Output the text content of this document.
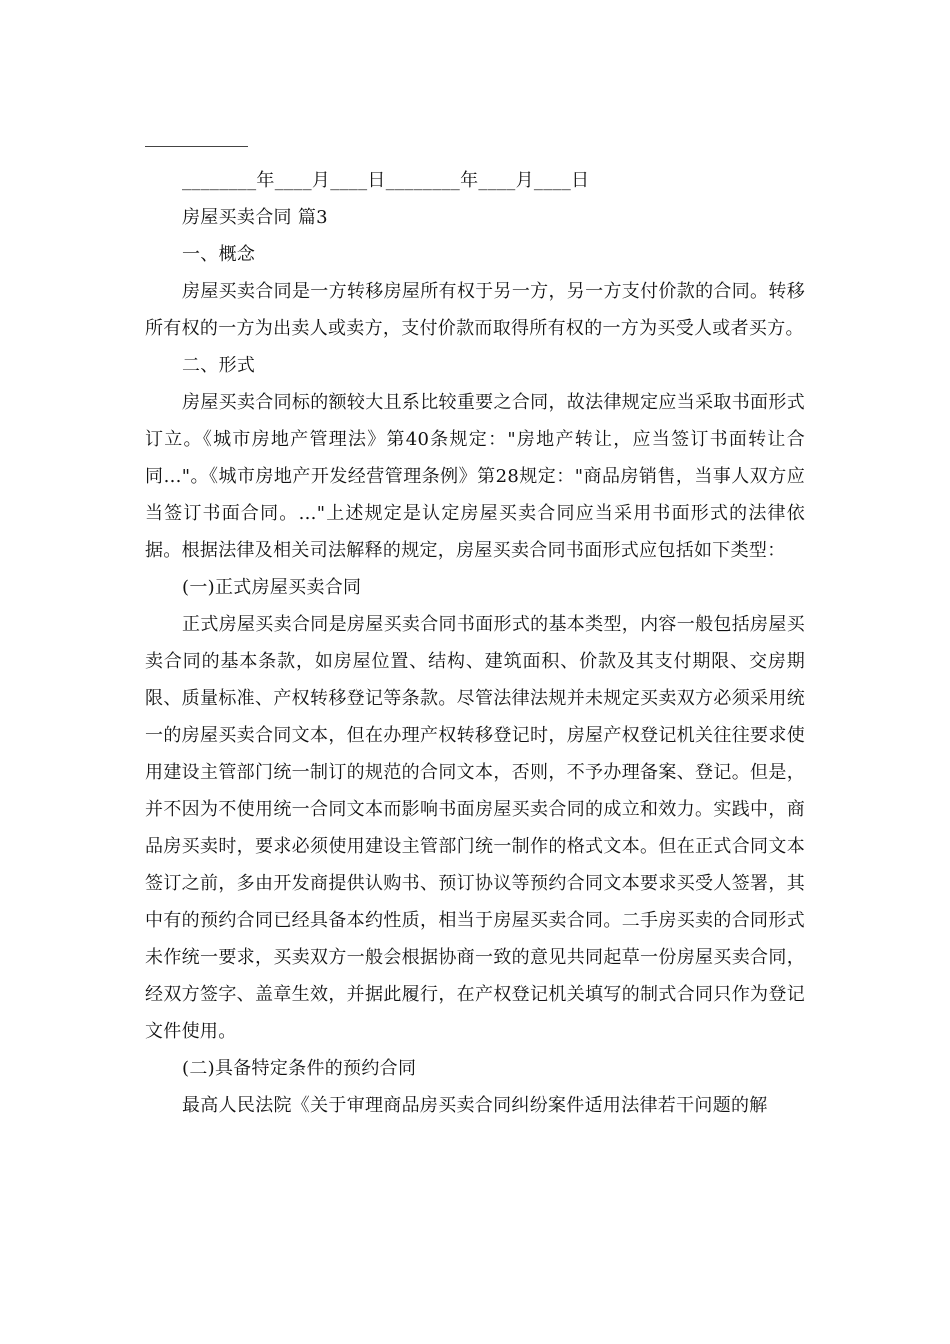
________年____月____日________年____月____日

房屋买卖合同 篇3

一、概念

房屋买卖合同是一方转移房屋所有权于另一方，另一方支付价款的合同。转移所有权的一方为出卖人或卖方，支付价款而取得所有权的一方为买受人或者买方。

二、形式

房屋买卖合同标的额较大且系比较重要之合同，故法律规定应当采取书面形式订立。《城市房地产管理法》第40条规定："房地产转让，应当签订书面转让合同…"。《城市房地产开发经营管理条例》第28规定："商品房销售，当事人双方应当签订书面合同。…"上述规定是认定房屋买卖合同应当采用书面形式的法律依据。根据法律及相关司法解释的规定，房屋买卖合同书面形式应包括如下类型：

(一)正式房屋买卖合同

正式房屋买卖合同是房屋买卖合同书面形式的基本类型，内容一般包括房屋买卖合同的基本条款，如房屋位置、结构、建筑面积、价款及其支付期限、交房期限、质量标准、产权转移登记等条款。尽管法律法规并未规定买卖双方必须采用统一的房屋买卖合同文本，但在办理产权转移登记时，房屋产权登记机关往往要求使用建设主管部门统一制订的规范的合同文本，否则，不予办理备案、登记。但是，并不因为不使用统一合同文本而影响书面房屋买卖合同的成立和效力。实践中，商品房买卖时，要求必须使用建设主管部门统一制作的格式文本。但在正式合同文本签订之前，多由开发商提供认购书、预订协议等预约合同文本要求买受人签署，其中有的预约合同已经具备本约性质，相当于房屋买卖合同。二手房买卖的合同形式未作统一要求，买卖双方一般会根据协商一致的意见共同起草一份房屋买卖合同，经双方签字、盖章生效，并据此履行，在产权登记机关填写的制式合同只作为登记文件使用。

(二)具备特定条件的预约合同

最高人民法院《关于审理商品房买卖合同纠纷案件适用法律若干问题的解
